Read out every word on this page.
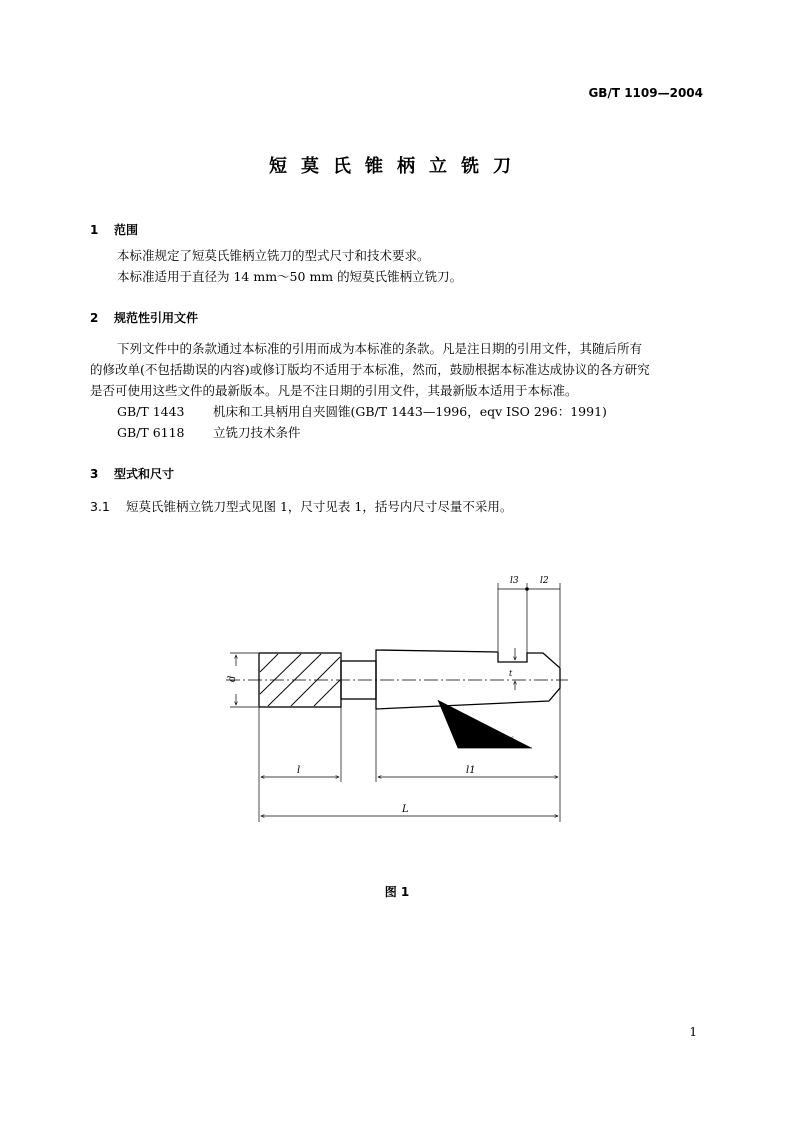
GB/T 1109—2004
短莫氏锥柄立铣刀
1 范围
本标准规定了短莫氏锥柄立铣刀的型式尺寸和技术要求。
本标准适用于直径为 14 mm～50 mm 的短莫氏锥柄立铣刀。
2 规范性引用文件
下列文件中的条款通过本标准的引用而成为本标准的条款。凡是注日期的引用文件，其随后所有
的修改单(不包括勘误的内容)或修订版均不适用于本标准，然而，鼓励根据本标准达成协议的各方研究
是否可使用这些文件的最新版本。凡是不注日期的引用文件，其最新版本适用于本标准。
GB/T 1443 机床和工具柄用自夹圆锥(GB/T 1443—1996，eqv ISO 296：1991)
GB/T 6118 立铣刀技术条件
3 型式和尺寸
3.1 短莫氏锥柄立铣刀型式见图 1，尺寸见表 1，括号内尺寸尽量不采用。
d
l3 l2
t
短莫氏锥柄
l	l1
L
图 1
1
